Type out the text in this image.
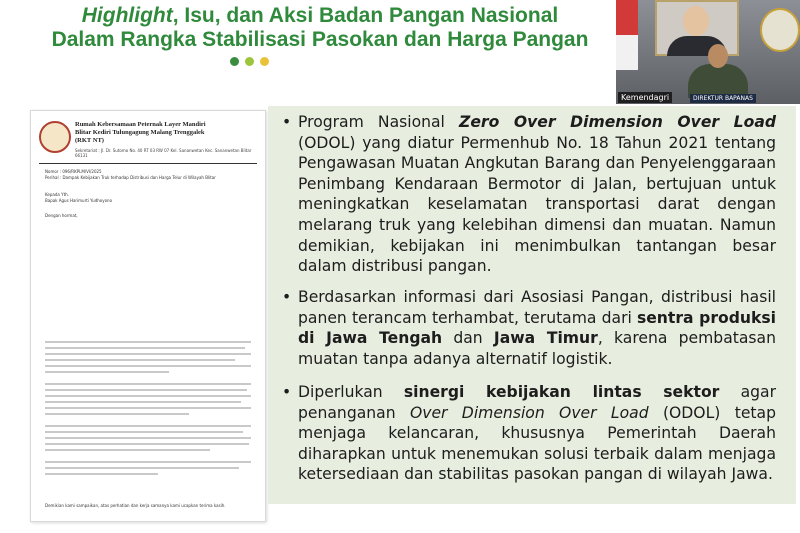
Highlight, Isu, dan Aksi Badan Pangan Nasional
Dalam Rangka Stabilisasi Pasokan dan Harga Pangan
Kemendagri	DIREKTUR BAPANAS
Rumah Kebersamaan Peternak Layer Mandiri
Blitar Kediri Tulungagung Malang Trenggalek
(RKT NT)
Sekretariat : Jl. Dr. Sutomo No. 40 RT 03 RW 07 Kel. Sananwetan Kec. Sananwetan Blitar 66131
Nomor : 096/RKPLM/VI/2025
Perihal : Dampak Kebijakan Truk terhadap Distribusi dan Harga Telur di Wilayah Blitar
Kepada Yth.
Bapak Agus Harimurti Yudhoyono
Dengan hormat,
Demikian kami sampaikan, atas perhatian dan kerja samanya kami ucapkan terima kasih.
• Program Nasional Zero Over Dimension Over Load (ODOL) yang diatur Permenhub No. 18 Tahun 2021 tentang Pengawasan Muatan Angkutan Barang dan Penyelenggaraan Penimbang Kendaraan Bermotor di Jalan, bertujuan untuk meningkatkan keselamatan transportasi darat dengan melarang truk yang kelebihan dimensi dan muatan. Namun demikian, kebijakan ini menimbulkan tantangan besar dalam distribusi pangan.
• Berdasarkan informasi dari Asosiasi Pangan, distribusi hasil panen terancam terhambat, terutama dari sentra produksi di Jawa Tengah dan Jawa Timur, karena pembatasan muatan tanpa adanya alternatif logistik.
• Diperlukan sinergi kebijakan lintas sektor agar penanganan Over Dimension Over Load (ODOL) tetap menjaga kelancaran, khususnya Pemerintah Daerah diharapkan untuk menemukan solusi terbaik dalam menjaga ketersediaan dan stabilitas pasokan pangan di wilayah Jawa.
